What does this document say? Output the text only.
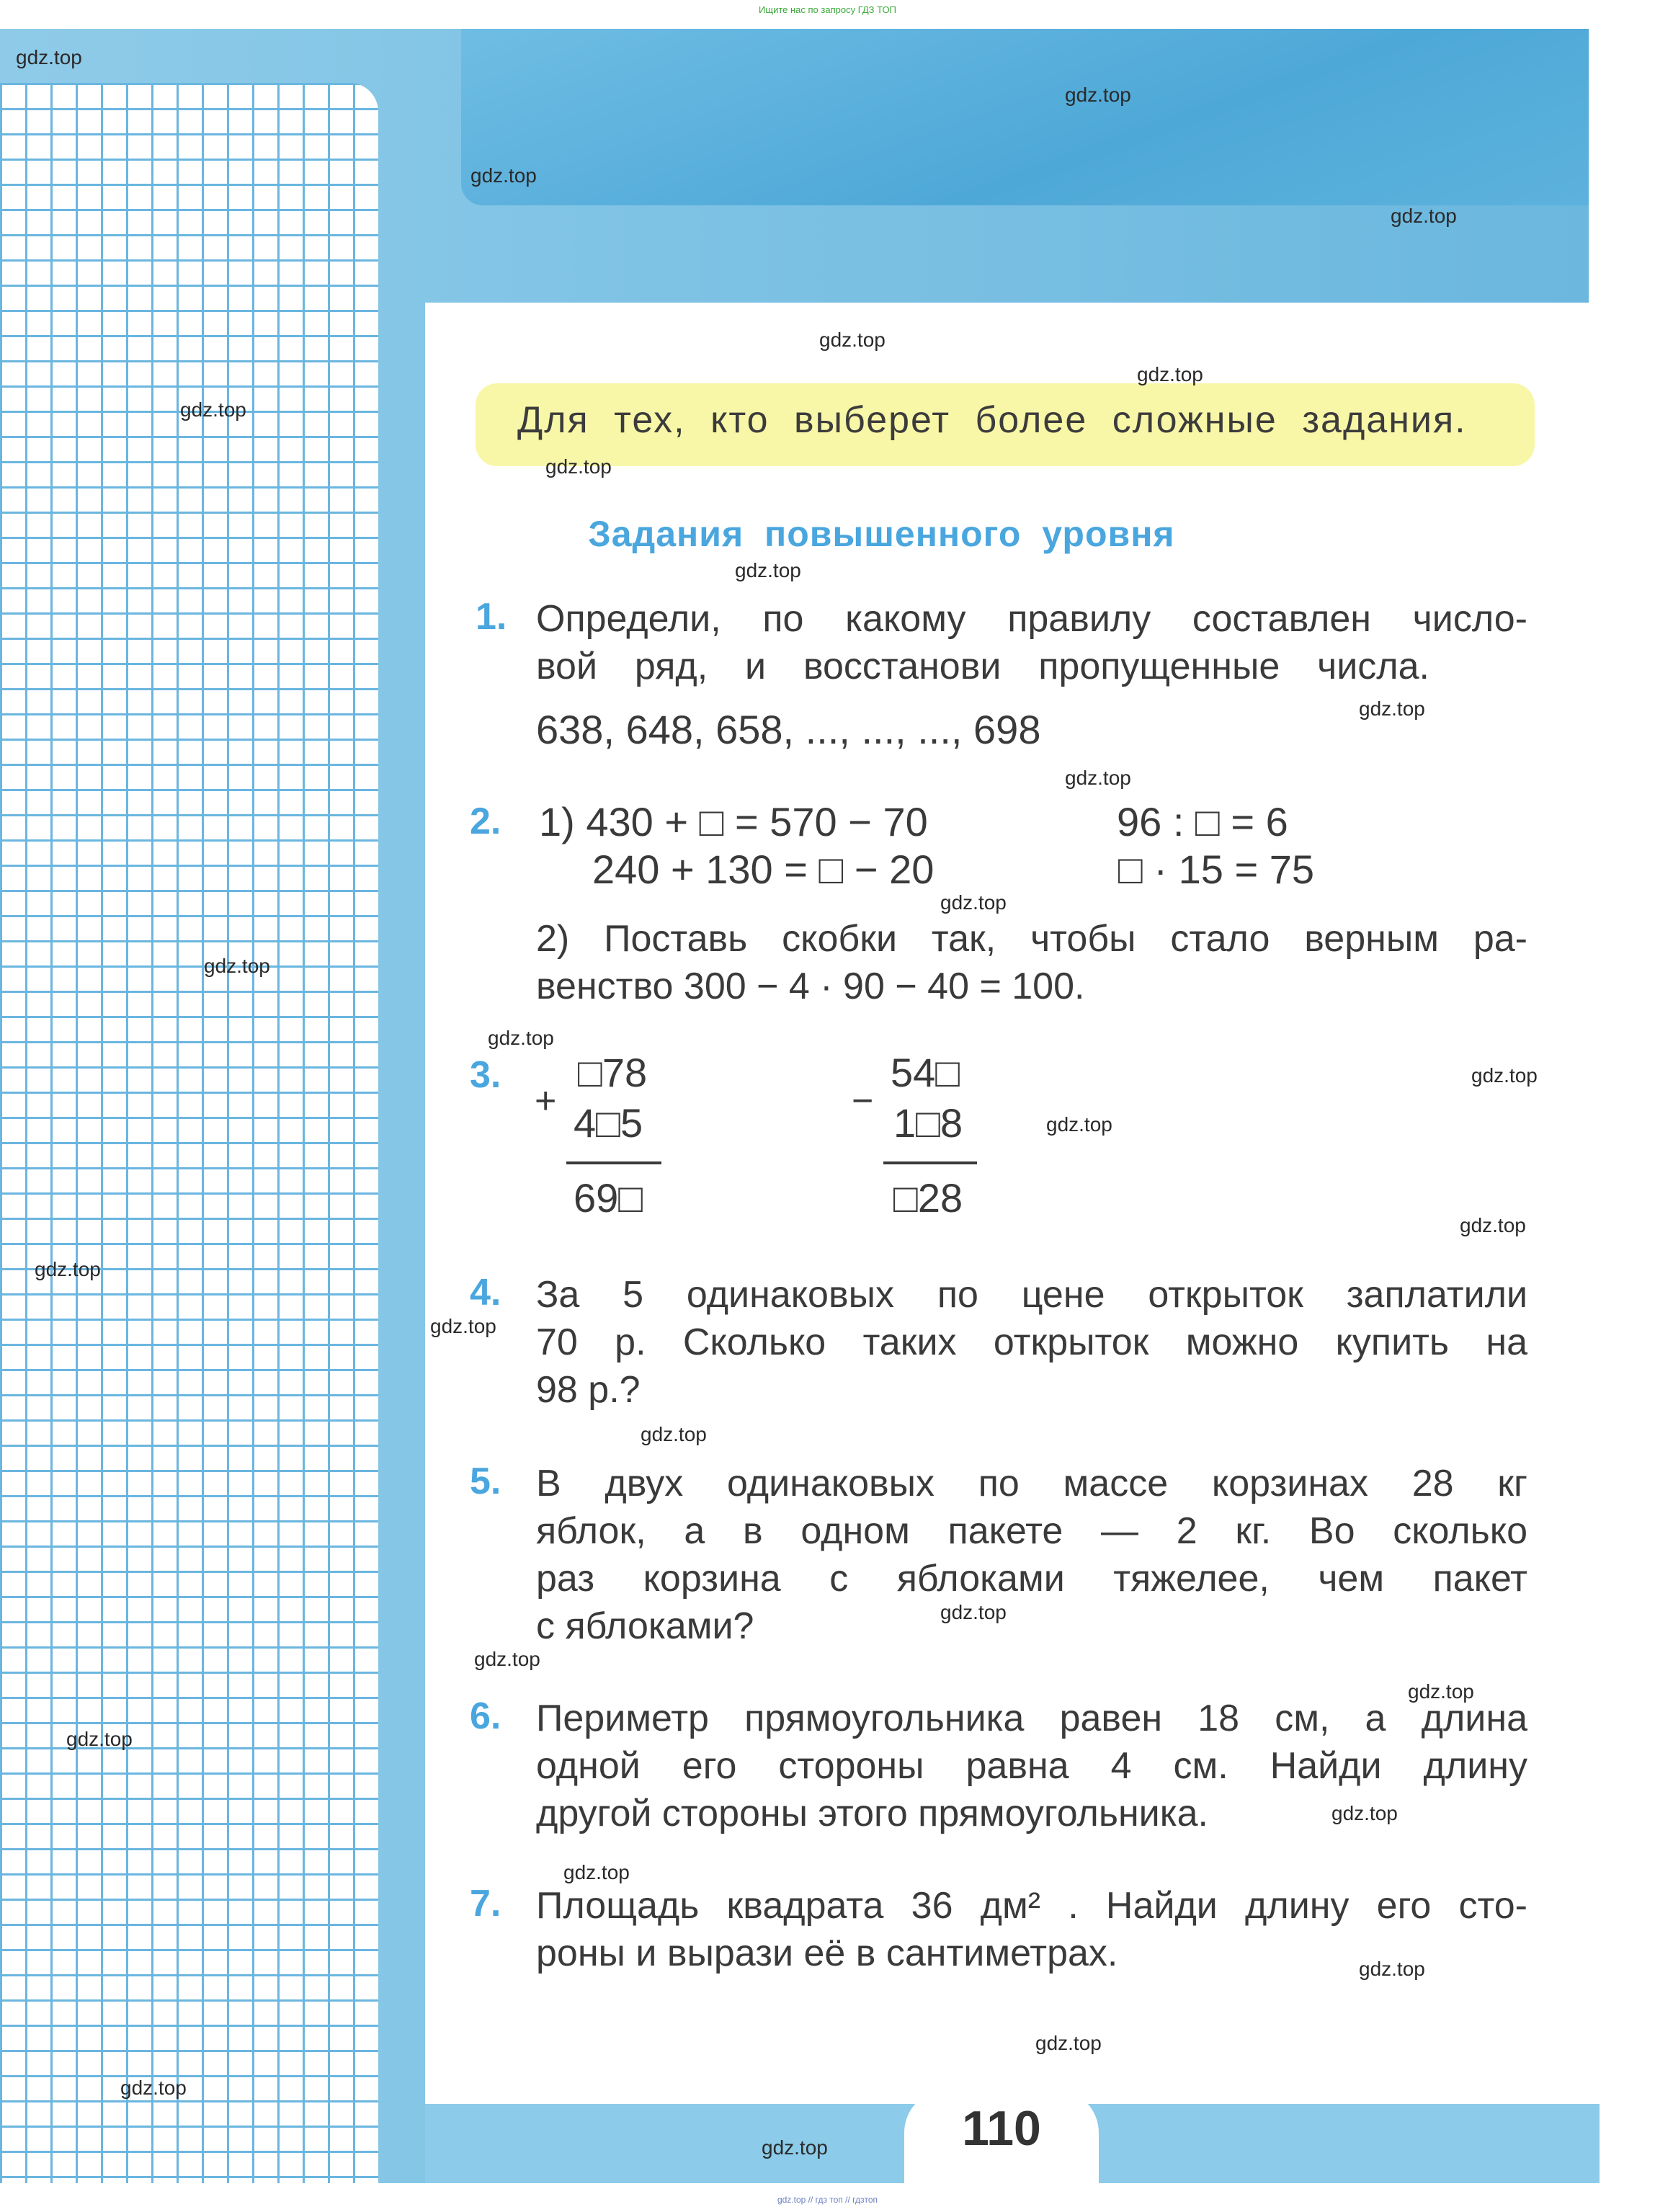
Ищите нас по запросу ГДЗ ТОП
Для тех, кто выберет более сложные задания.
Задания повышенного уровня
1. Определи, по какому правилу составлен число-
вой ряд, и восстанови пропущенные числа.
638, 648, 658, ..., ..., ..., 698
2. 1) 430 + □ = 570 − 70
240 + 130 = □ − 20
96 : □ = 6
□ · 15 = 75
2) Поставь скобки так, чтобы стало верным ра-
венство 300 − 4 · 90 − 40 = 100.
3.
+
□78
4□5
69□
−
54□
1□8
□28
4. За 5 одинаковых по цене открыток заплатили
70 р. Сколько таких открыток можно купить на
98 р.?
5. В двух одинаковых по массе корзинах 28 кг
яблок, а в одном пакете — 2 кг. Во сколько
раз корзина с яблоками тяжелее, чем пакет
с яблоками?
6. Периметр прямоугольника равен 18 см, а длина
одной его стороны равна 4 см. Найди длину
другой стороны этого прямоугольника.
7. Площадь квадрата 36 дм² . Найди длину его сто-
роны и вырази её в сантиметрах.
110
gdz.top
gdz.top
gdz.top
gdz.top
gdz.top
gdz.top
gdz.top
gdz.top
gdz.top
gdz.top
gdz.top
gdz.top
gdz.top
gdz.top
gdz.top
gdz.top
gdz.top
gdz.top
gdz.top
gdz.top
gdz.top
gdz.top
gdz.top
gdz.top
gdz.top
gdz.top
gdz.top
gdz.top
gdz.top
gdz.top
gdz.top // гдз топ // гдзтоп
